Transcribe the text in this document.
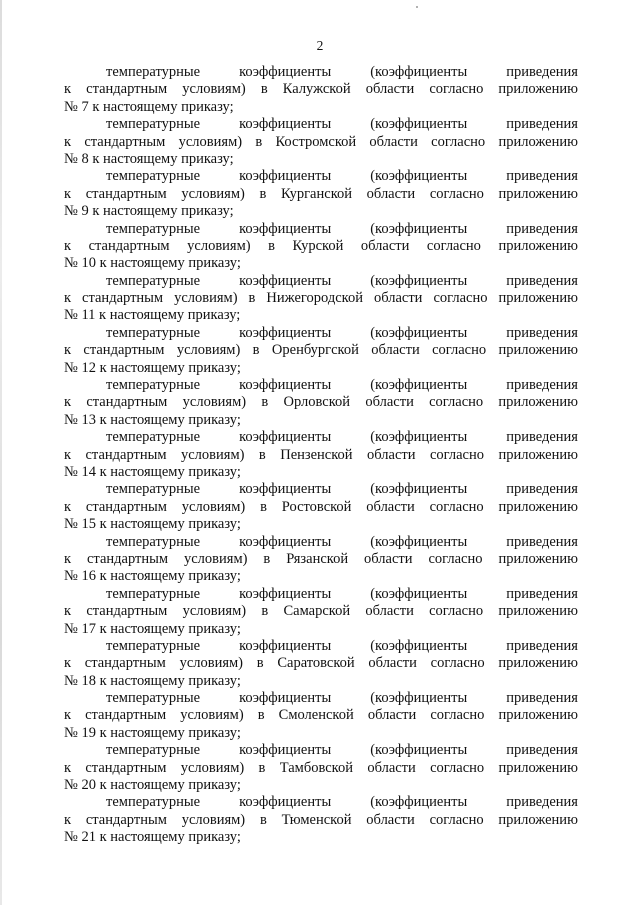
2
температурные	коэффициенты	(коэффициенты	приведения
к стандартным условиям) в Калужской области согласно приложению
№ 7 к настоящему приказу;
температурные	коэффициенты	(коэффициенты	приведения
к стандартным условиям) в Костромской области согласно приложению
№ 8 к настоящему приказу;
температурные	коэффициенты	(коэффициенты	приведения
к стандартным условиям) в Курганской области согласно приложению
№ 9 к настоящему приказу;
температурные	коэффициенты	(коэффициенты	приведения
к стандартным условиям) в Курской области согласно приложению
№ 10 к настоящему приказу;
температурные	коэффициенты	(коэффициенты	приведения
к стандартным условиям) в Нижегородской области согласно приложению
№ 11 к настоящему приказу;
температурные	коэффициенты	(коэффициенты	приведения
к стандартным условиям) в Оренбургской области согласно приложению
№ 12 к настоящему приказу;
температурные	коэффициенты	(коэффициенты	приведения
к стандартным условиям) в Орловской области согласно приложению
№ 13 к настоящему приказу;
температурные	коэффициенты	(коэффициенты	приведения
к стандартным условиям) в Пензенской области согласно приложению
№ 14 к настоящему приказу;
температурные	коэффициенты	(коэффициенты	приведения
к стандартным условиям) в Ростовской области согласно приложению
№ 15 к настоящему приказу;
температурные	коэффициенты	(коэффициенты	приведения
к стандартным условиям) в Рязанской области согласно приложению
№ 16 к настоящему приказу;
температурные	коэффициенты	(коэффициенты	приведения
к стандартным условиям) в Самарской области согласно приложению
№ 17 к настоящему приказу;
температурные	коэффициенты	(коэффициенты	приведения
к стандартным условиям) в Саратовской области согласно приложению
№ 18 к настоящему приказу;
температурные	коэффициенты	(коэффициенты	приведения
к стандартным условиям) в Смоленской области согласно приложению
№ 19 к настоящему приказу;
температурные	коэффициенты	(коэффициенты	приведения
к стандартным условиям) в Тамбовской области согласно приложению
№ 20 к настоящему приказу;
температурные	коэффициенты	(коэффициенты	приведения
к стандартным условиям) в Тюменской области согласно приложению
№ 21 к настоящему приказу;
